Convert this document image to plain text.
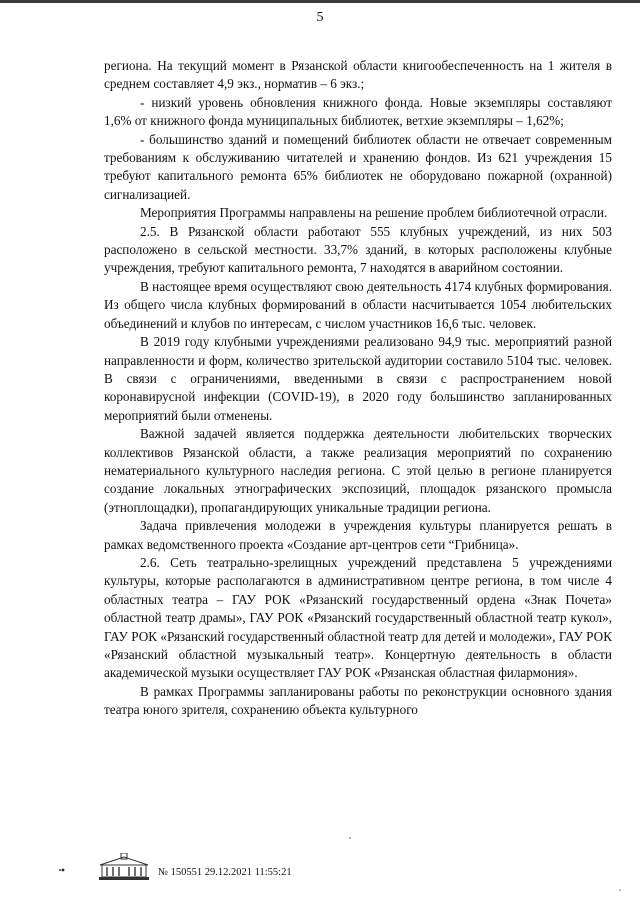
5

региона. На текущий момент в Рязанской области книгообеспеченность на 1 жителя в среднем составляет 4,9 экз., норматив – 6 экз.;

- низкий уровень обновления книжного фонда. Новые экземпляры составляют 1,6% от книжного фонда муниципальных библиотек, ветхие экземпляры – 1,62%;

- большинство зданий и помещений библиотек области не отвечает современным требованиям к обслуживанию читателей и хранению фондов. Из 621 учреждения 15 требуют капитального ремонта 65% библиотек не оборудовано пожарной (охранной) сигнализацией.

Мероприятия Программы направлены на решение проблем библиотечной отрасли.

2.5. В Рязанской области работают 555 клубных учреждений, из них 503 расположено в сельской местности. 33,7% зданий, в которых расположены клубные учреждения, требуют капитального ремонта, 7 находятся в аварийном состоянии.

В настоящее время осуществляют свою деятельность 4174 клубных формирования. Из общего числа клубных формирований в области насчитывается 1054 любительских объединений и клубов по интересам, с числом участников 16,6 тыс. человек.

В 2019 году клубными учреждениями реализовано 94,9 тыс. мероприятий разной направленности и форм, количество зрительской аудитории составило 5104 тыс. человек. В связи с ограничениями, введенными в связи с распространением новой коронавирусной инфекции (COVID-19), в 2020 году большинство запланированных мероприятий были отменены.

Важной задачей является поддержка деятельности любительских творческих коллективов Рязанской области, а также реализация мероприятий по сохранению нематериального культурного наследия региона. С этой целью в регионе планируется создание локальных этнографических экспозиций, площадок рязанского промысла (этноплощадки), пропагандирующих уникальные традиции региона.

Задача привлечения молодежи в учреждения культуры планируется решать в рамках ведомственного проекта «Создание арт-центров сети “Грибница».

2.6. Сеть театрально-зрелищных учреждений представлена 5 учреждениями культуры, которые располагаются в административном центре региона, в том числе 4 областных театра – ГАУ РОК «Рязанский государственный ордена «Знак Почета» областной театр драмы», ГАУ РОК «Рязанский государственный областной театр кукол», ГАУ РОК «Рязанский государственный областной театр для детей и молодежи», ГАУ РОК «Рязанский областной музыкальный театр». Концертную деятельность в области академической музыки осуществляет ГАУ РОК «Рязанская областная филармония».

В рамках Программы запланированы работы по реконструкции основного здания театра юного зрителя, сохранению объекта культурного

№ 150551 29.12.2021 11:55:21
